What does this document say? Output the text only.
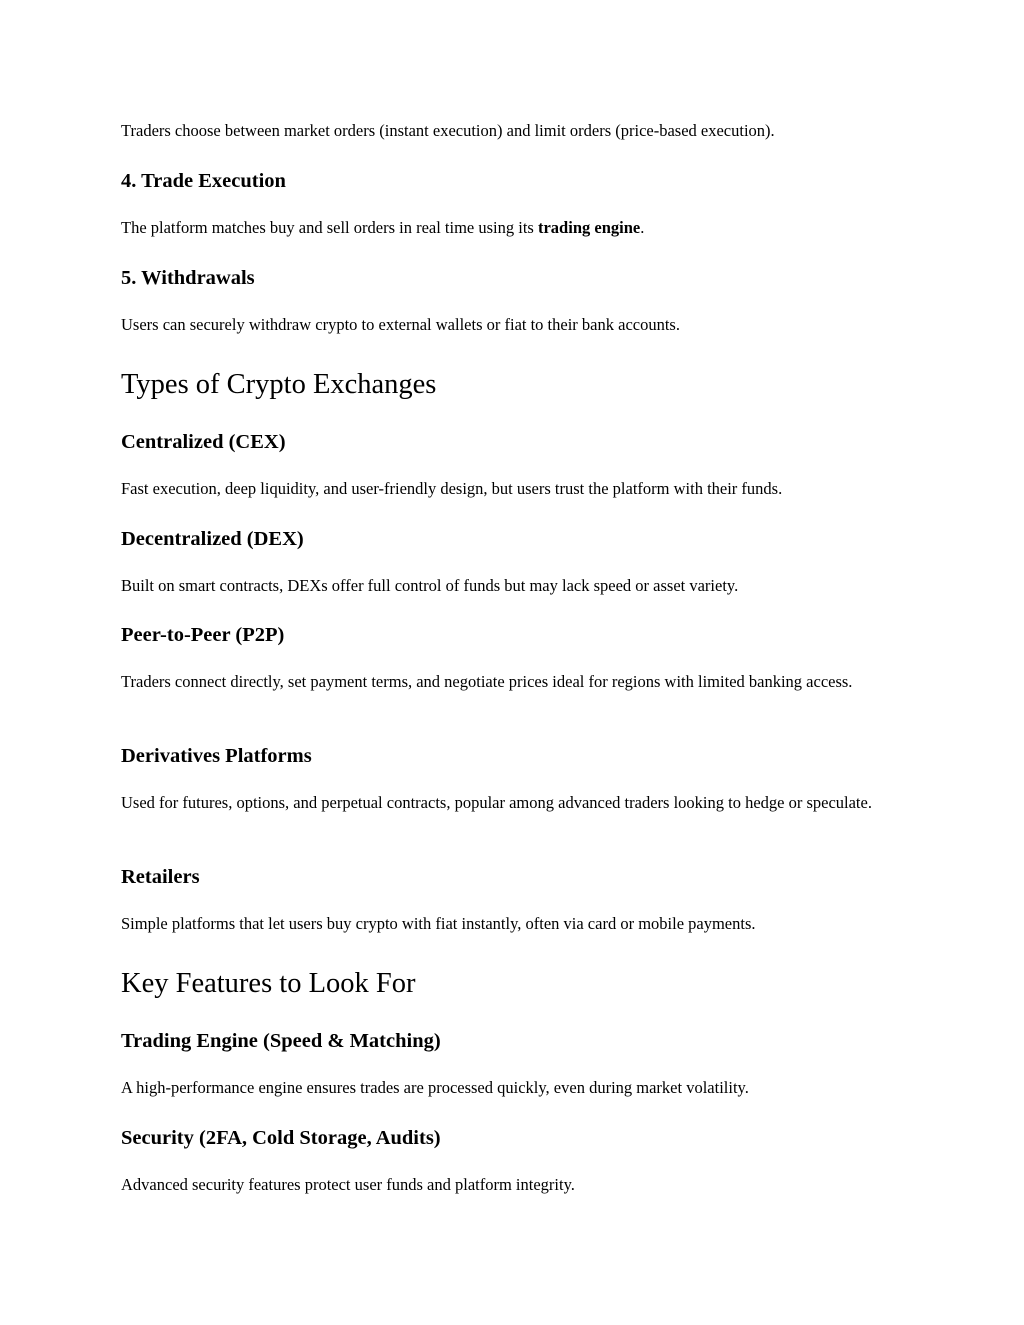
Traders choose between market orders (instant execution) and limit orders (price-based execution).

4. Trade Execution

The platform matches buy and sell orders in real time using its trading engine.

5. Withdrawals

Users can securely withdraw crypto to external wallets or fiat to their bank accounts.

Types of Crypto Exchanges
Centralized (CEX)

Fast execution, deep liquidity, and user-friendly design, but users trust the platform with their funds.

Decentralized (DEX)

Built on smart contracts, DEXs offer full control of funds but may lack speed or asset variety.

Peer-to-Peer (P2P)

Traders connect directly, set payment terms, and negotiate prices ideal for regions with limited banking access.

Derivatives Platforms

Used for futures, options, and perpetual contracts, popular among advanced traders looking to hedge or speculate.

Retailers

Simple platforms that let users buy crypto with fiat instantly, often via card or mobile payments.

Key Features to Look For
Trading Engine (Speed & Matching)

A high-performance engine ensures trades are processed quickly, even during market volatility.

Security (2FA, Cold Storage, Audits)

Advanced security features protect user funds and platform integrity.
